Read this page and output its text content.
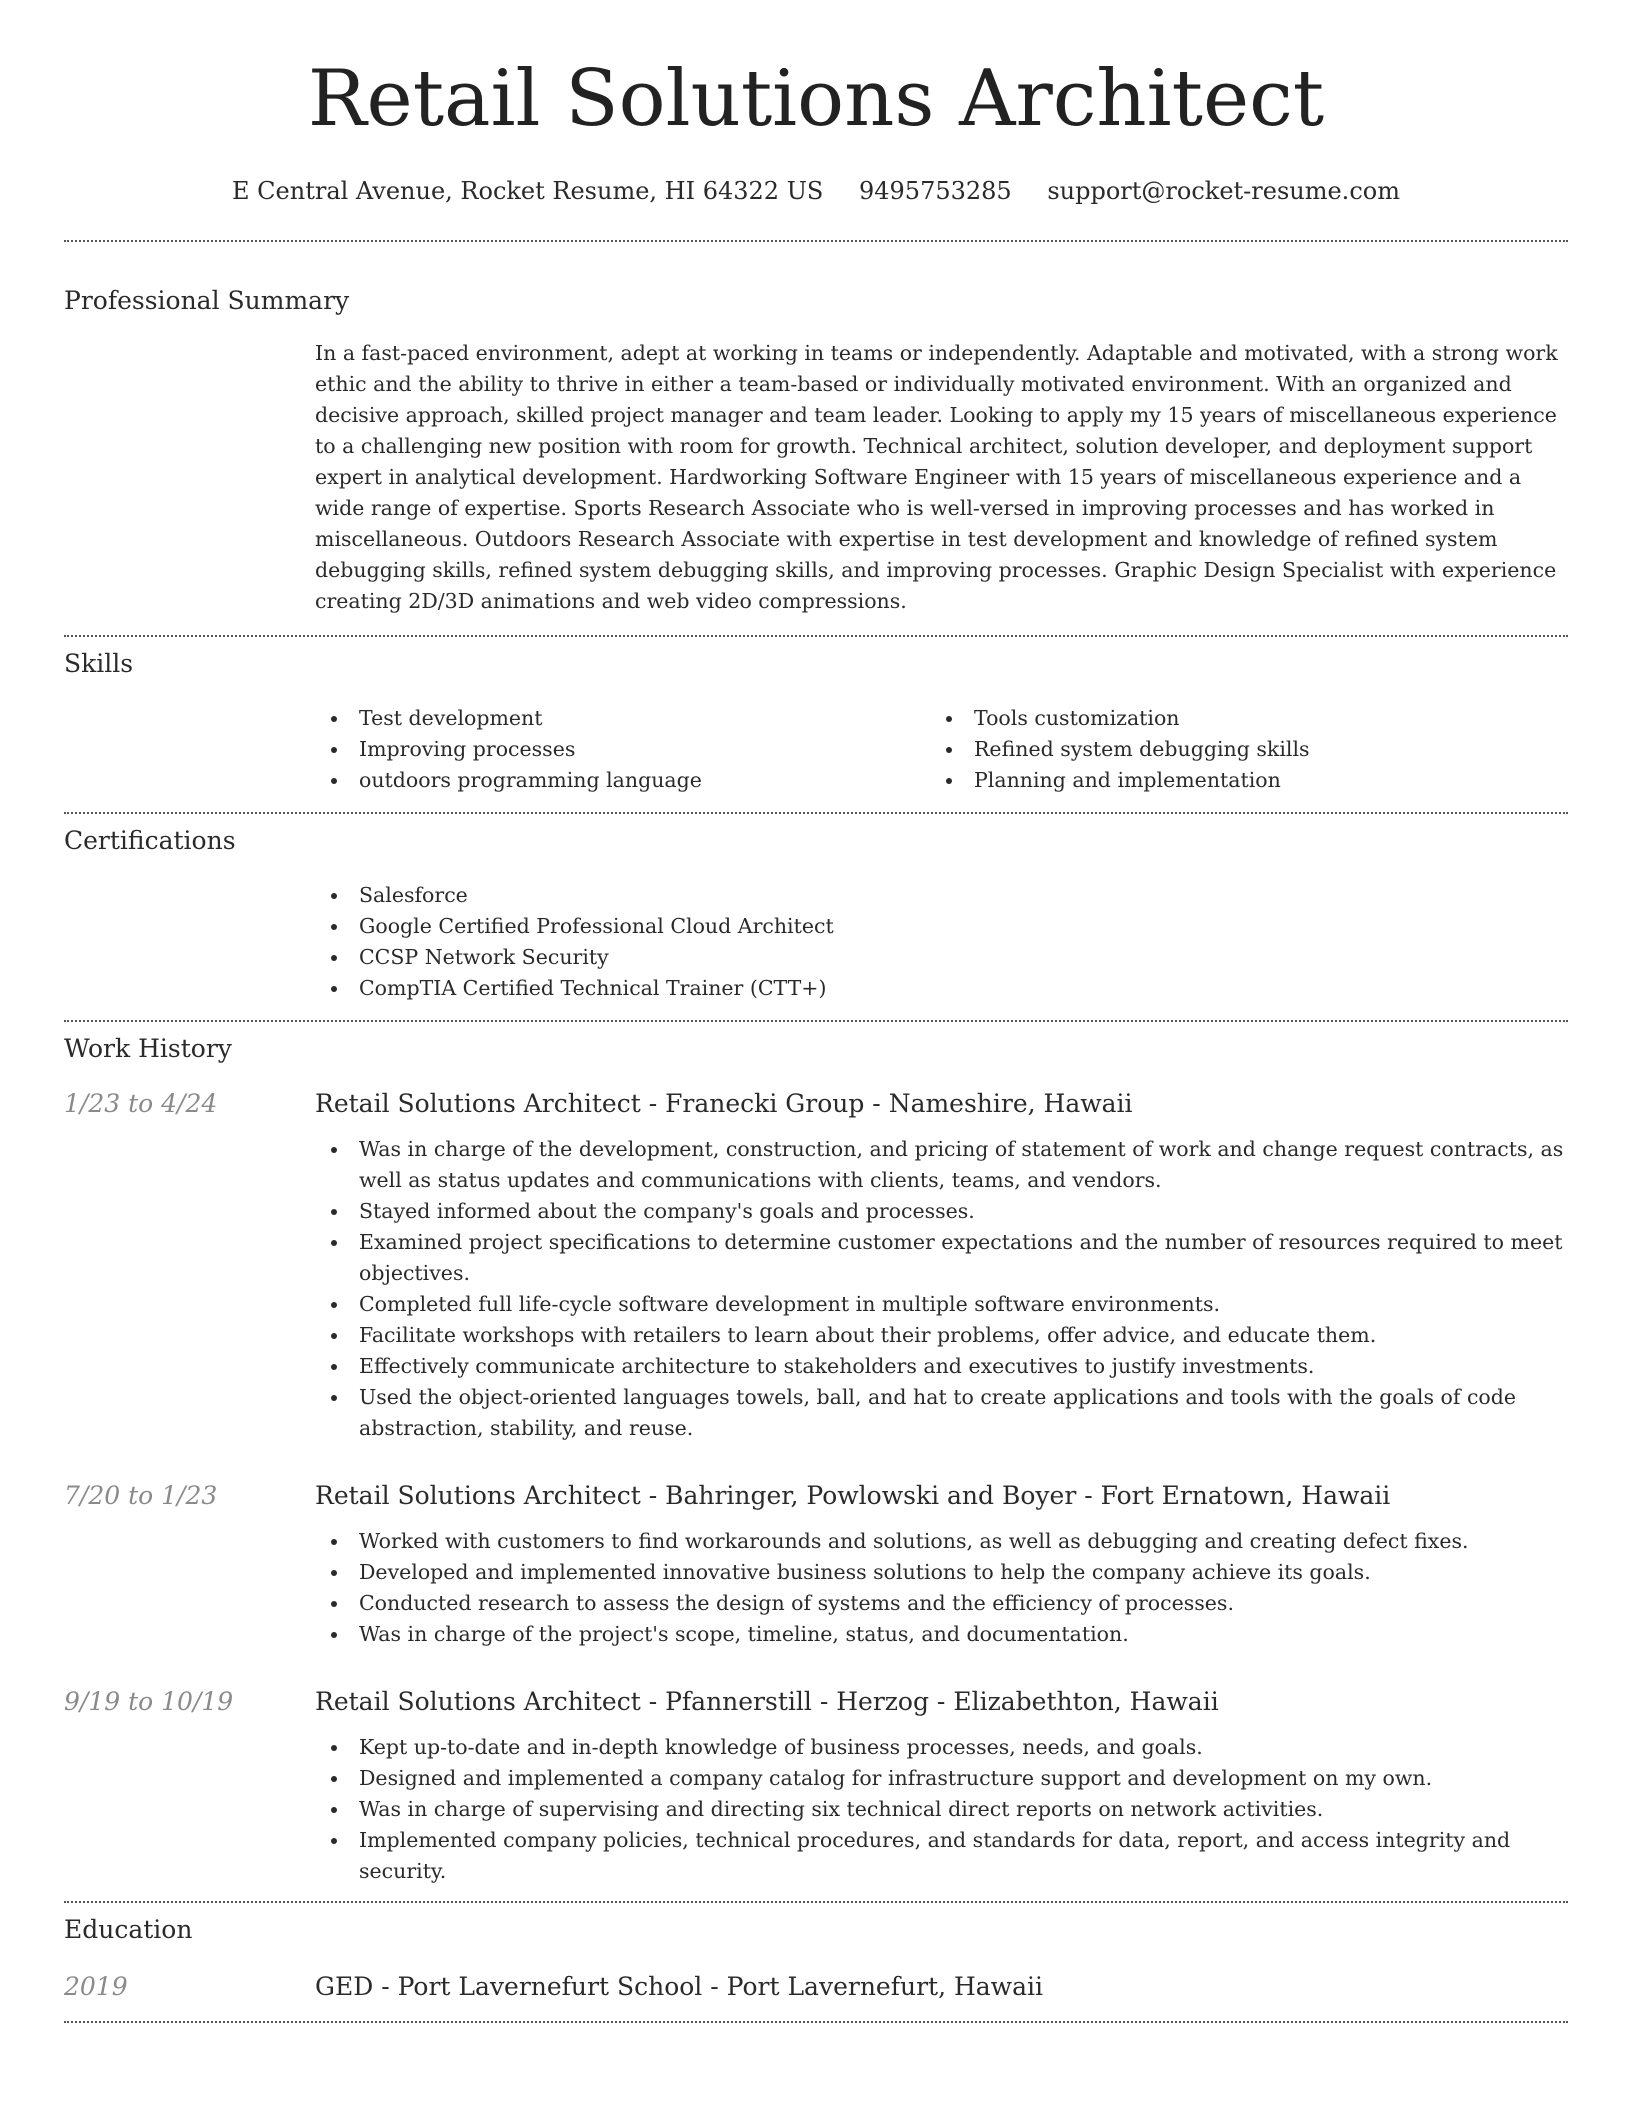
Retail Solutions Architect
E Central Avenue, Rocket Resume, HI 64322 US 9495753285 support@rocket-resume.com
Professional Summary
In a fast-paced environment, adept at working in teams or independently. Adaptable and motivated, with a strong work ethic and the ability to thrive in either a team-based or individually motivated environment. With an organized and decisive approach, skilled project manager and team leader. Looking to apply my 15 years of miscellaneous experience to a challenging new position with room for growth. Technical architect, solution developer, and deployment support expert in analytical development. Hardworking Software Engineer with 15 years of miscellaneous experience and a wide range of expertise. Sports Research Associate who is well-versed in improving processes and has worked in miscellaneous. Outdoors Research Associate with expertise in test development and knowledge of refined system debugging skills, refined system debugging skills, and improving processes. Graphic Design Specialist with experience creating 2D/3D animations and web video compressions.
Skills
Test development
Improving processes
outdoors programming language
Tools customization
Refined system debugging skills
Planning and implementation
Certifications
Salesforce
Google Certified Professional Cloud Architect
CCSP Network Security
CompTIA Certified Technical Trainer (CTT+)
Work History
1/23 to 4/24	Retail Solutions Architect - Franecki Group - Nameshire, Hawaii
Was in charge of the development, construction, and pricing of statement of work and change request contracts, as well as status updates and communications with clients, teams, and vendors.
Stayed informed about the company's goals and processes.
Examined project specifications to determine customer expectations and the number of resources required to meet objectives.
Completed full life-cycle software development in multiple software environments.
Facilitate workshops with retailers to learn about their problems, offer advice, and educate them.
Effectively communicate architecture to stakeholders and executives to justify investments.
Used the object-oriented languages towels, ball, and hat to create applications and tools with the goals of code abstraction, stability, and reuse.
7/20 to 1/23	Retail Solutions Architect - Bahringer, Powlowski and Boyer - Fort Ernatown, Hawaii
Worked with customers to find workarounds and solutions, as well as debugging and creating defect fixes.
Developed and implemented innovative business solutions to help the company achieve its goals.
Conducted research to assess the design of systems and the efficiency of processes.
Was in charge of the project's scope, timeline, status, and documentation.
9/19 to 10/19	Retail Solutions Architect - Pfannerstill - Herzog - Elizabethton, Hawaii
Kept up-to-date and in-depth knowledge of business processes, needs, and goals.
Designed and implemented a company catalog for infrastructure support and development on my own.
Was in charge of supervising and directing six technical direct reports on network activities.
Implemented company policies, technical procedures, and standards for data, report, and access integrity and security.
Education
2019	GED - Port Lavernefurt School - Port Lavernefurt, Hawaii
